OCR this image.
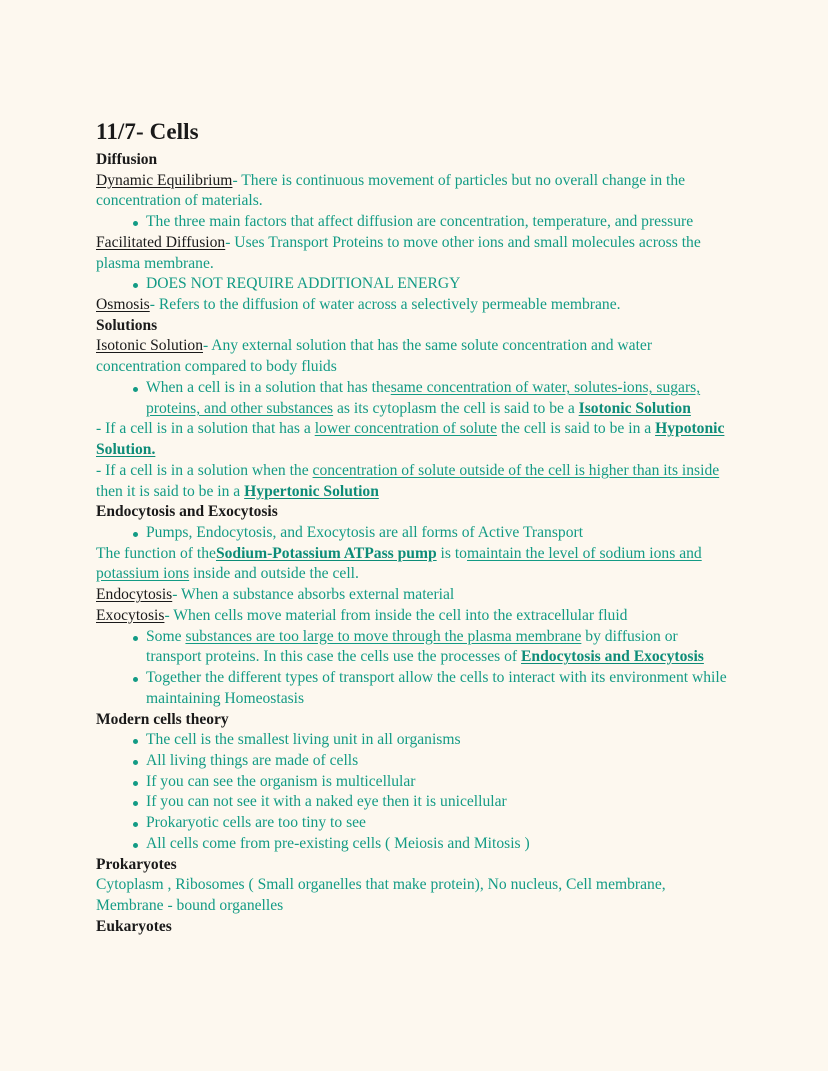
11/7- Cells
Diffusion

Dynamic Equilibrium- There is continuous movement of particles but no overall change in the concentration of materials.

The three main factors that affect diffusion are concentration, temperature, and pressure

Facilitated Diffusion- Uses Transport Proteins to move other ions and small molecules across the plasma membrane.

DOES NOT REQUIRE ADDITIONAL ENERGY

Osmosis- Refers to the diffusion of water across a selectively permeable membrane.

Solutions

Isotonic Solution- Any external solution that has the same solute concentration and water concentration compared to body fluids

When a cell is in a solution that has thesame concentration of water, solutes-ions, sugars, proteins, and other substances as its cytoplasm the cell is said to be a Isotonic Solution

- If a cell is in a solution that has a lower concentration of solute the cell is said to be in a Hypotonic Solution.

- If a cell is in a solution when the concentration of solute outside of the cell is higher than its inside then it is said to be in a Hypertonic Solution

Endocytosis and Exocytosis
Pumps, Endocytosis, and Exocytosis are all forms of Active Transport

The function of theSodium-Potassium ATPass pump is tomaintain the level of sodium ions and potassium ions inside and outside the cell.

Endocytosis- When a substance absorbs external material

Exocytosis- When cells move material from inside the cell into the extracellular fluid

Some substances are too large to move through the plasma membrane by diffusion or transport proteins. In this case the cells use the processes of Endocytosis and Exocytosis
Together the different types of transport allow the cells to interact with its environment while maintaining Homeostasis
Modern cells theory
The cell is the smallest living unit in all organisms
All living things are made of cells
If you can see the organism is multicellular
If you can not see it with a naked eye then it is unicellular
Prokaryotic cells are too tiny to see
All cells come from pre-existing cells ( Meiosis and Mitosis )
Prokaryotes

Cytoplasm , Ribosomes ( Small organelles that make protein), No nucleus, Cell membrane, Membrane - bound organelles

Eukaryotes
